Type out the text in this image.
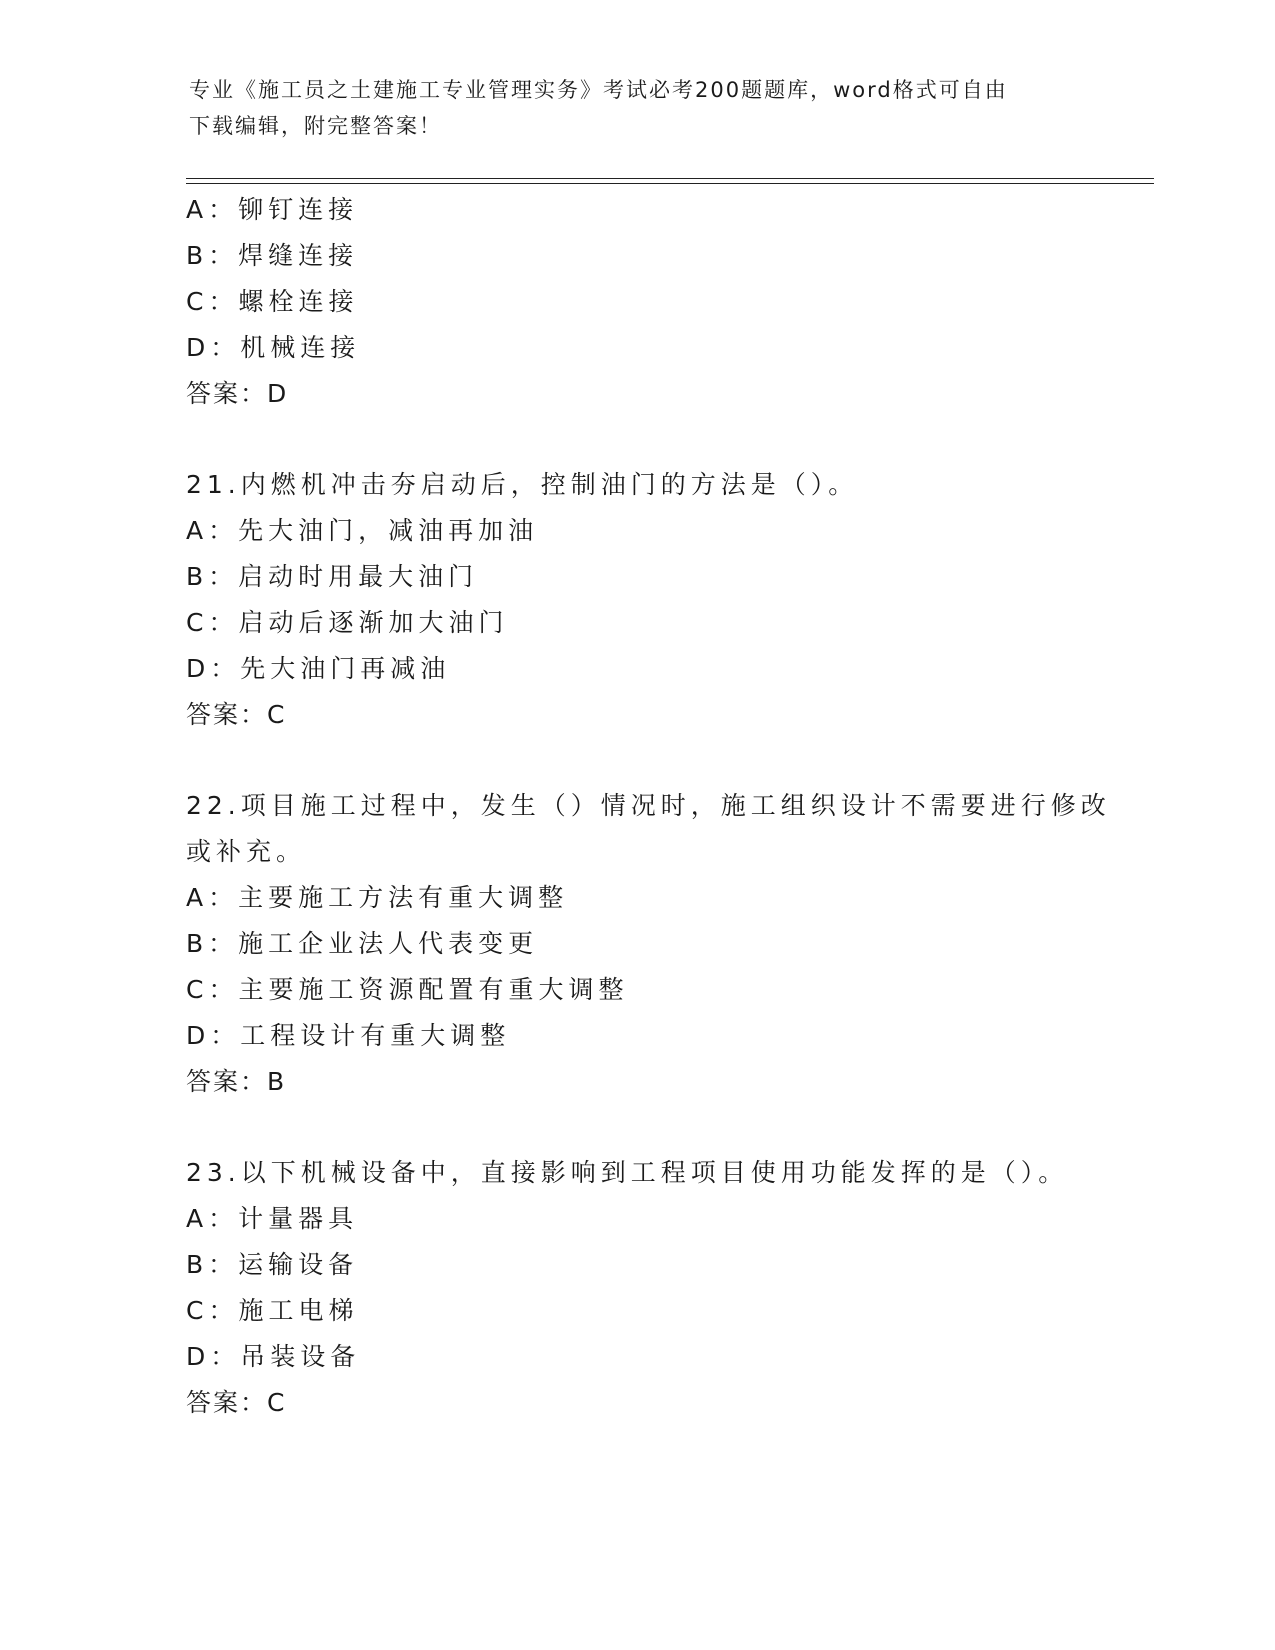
专业《施工员之土建施工专业管理实务》考试必考200题题库，word格式可自由
下载编辑，附完整答案！
A：铆钉连接
B：焊缝连接
C：螺栓连接
D：机械连接
答案：D
21.内燃机冲击夯启动后，控制油门的方法是（）。
A：先大油门，减油再加油
B：启动时用最大油门
C：启动后逐渐加大油门
D：先大油门再减油
答案：C
22.项目施工过程中，发生（）情况时，施工组织设计不需要进行修改
或补充。
A：主要施工方法有重大调整
B：施工企业法人代表变更
C：主要施工资源配置有重大调整
D：工程设计有重大调整
答案：B
23.以下机械设备中，直接影响到工程项目使用功能发挥的是（）。
A：计量器具
B：运输设备
C：施工电梯
D：吊装设备
答案：C
